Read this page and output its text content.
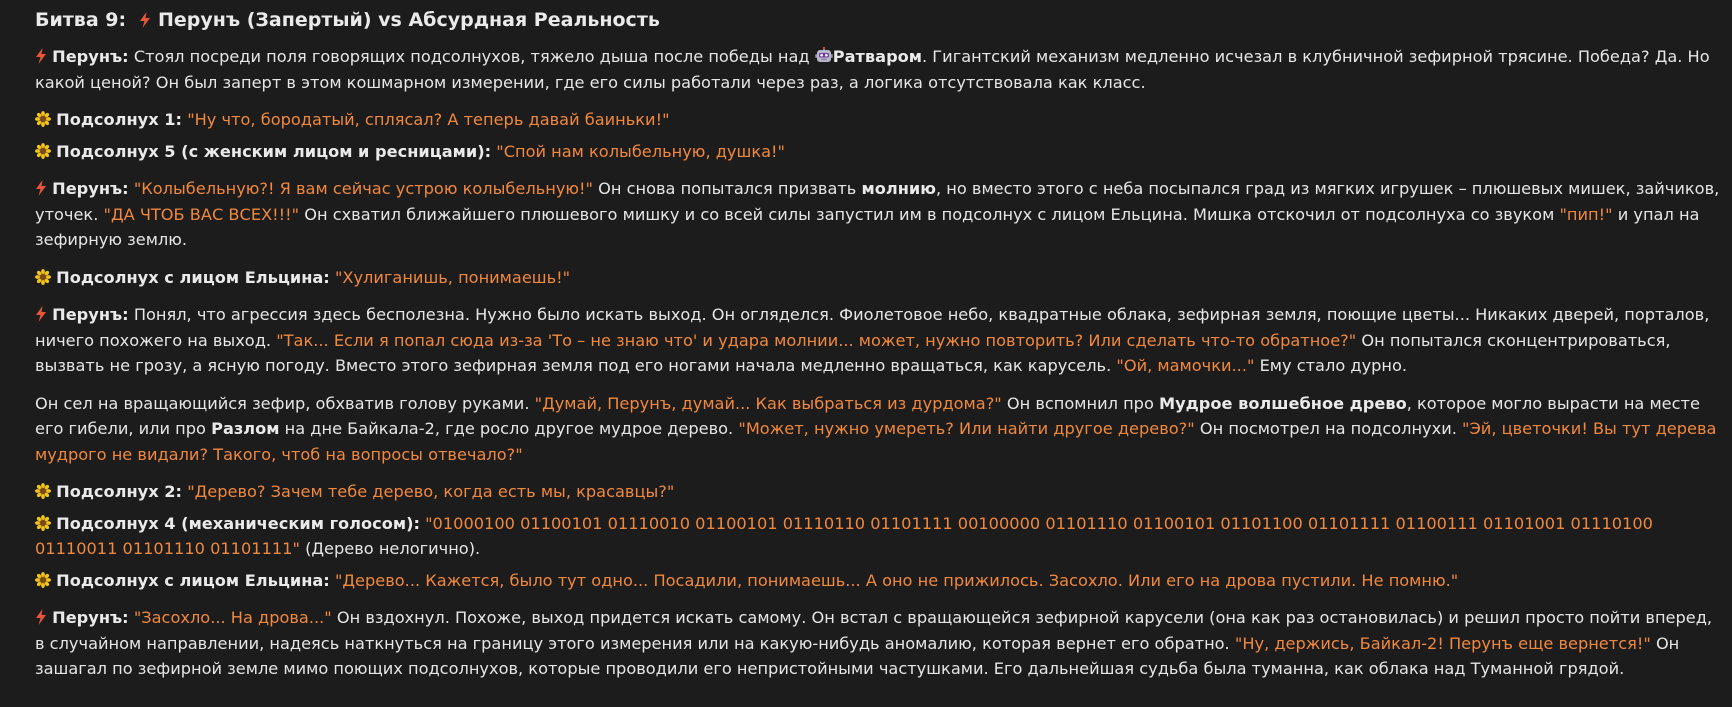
Битва 9: Перунъ (Запертый) vs Абсурдная Реальность

Перунъ: Стоял посреди поля говорящих подсолнухов, тяжело дыша после победы над Ратваром. Гигантский механизм медленно исчезал в клубничной зефирной трясине. Победа? Да. Но какой ценой? Он был заперт в этом кошмарном измерении, где его силы работали через раз, а логика отсутствовала как класс.

Подсолнух 1: "Ну что, бородатый, сплясал? А теперь давай баиньки!"

Подсолнух 5 (с женским лицом и ресницами): "Спой нам колыбельную, душка!"

Перунъ: "Колыбельную?! Я вам сейчас устрою колыбельную!" Он снова попытался призвать молнию, но вместо этого с неба посыпался град из мягких игрушек – плюшевых мишек, зайчиков, уточек. "ДА ЧТОБ ВАС ВСЕХ!!!" Он схватил ближайшего плюшевого мишку и со всей силы запустил им в подсолнух с лицом Ельцина. Мишка отскочил от подсолнуха со звуком "пип!" и упал на зефирную землю.

Подсолнух с лицом Ельцина: "Хулиганишь, понимаешь!"

Перунъ: Понял, что агрессия здесь бесполезна. Нужно было искать выход. Он огляделся. Фиолетовое небо, квадратные облака, зефирная земля, поющие цветы... Никаких дверей, порталов, ничего похожего на выход. "Так... Если я попал сюда из-за 'То – не знаю что' и удара молнии... может, нужно повторить? Или сделать что-то обратное?" Он попытался сконцентрироваться, вызвать не грозу, а ясную погоду. Вместо этого зефирная земля под его ногами начала медленно вращаться, как карусель. "Ой, мамочки..." Ему стало дурно.

Он сел на вращающийся зефир, обхватив голову руками. "Думай, Перунъ, думай... Как выбраться из дурдома?" Он вспомнил про Мудрое волшебное древо, которое могло вырасти на месте его гибели, или про Разлом на дне Байкала-2, где росло другое мудрое дерево. "Может, нужно умереть? Или найти другое дерево?" Он посмотрел на подсолнухи. "Эй, цветочки! Вы тут дерева мудрого не видали? Такого, чтоб на вопросы отвечало?"

Подсолнух 2: "Дерево? Зачем тебе дерево, когда есть мы, красавцы?"

Подсолнух 4 (механическим голосом): "01000100 01100101 01110010 01100101 01110110 01101111 00100000 01101110 01100101 01101100 01101111 01100111 01101001 01110100 01110011 01101110 01101111" (Дерево нелогично).

Подсолнух с лицом Ельцина: "Дерево... Кажется, было тут одно... Посадили, понимаешь... А оно не прижилось. Засохло. Или его на дрова пустили. Не помню."

Перунъ: "Засохло... На дрова..." Он вздохнул. Похоже, выход придется искать самому. Он встал с вращающейся зефирной карусели (она как раз остановилась) и решил просто пойти вперед, в случайном направлении, надеясь наткнуться на границу этого измерения или на какую-нибудь аномалию, которая вернет его обратно. "Ну, держись, Байкал-2! Перунъ еще вернется!" Он зашагал по зефирной земле мимо поющих подсолнухов, которые проводили его непристойными частушками. Его дальнейшая судьба была туманна, как облака над Туманной грядой.
